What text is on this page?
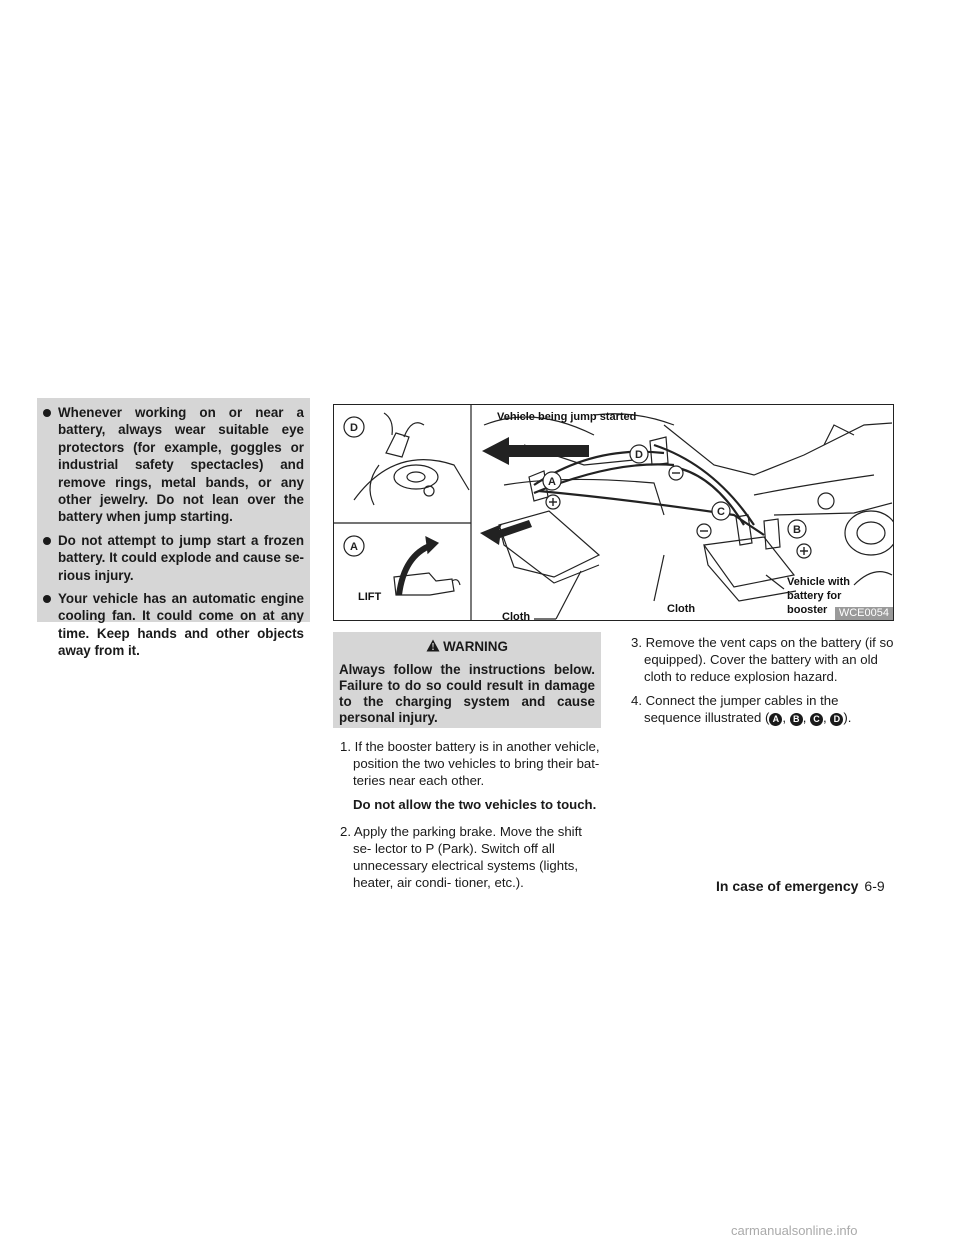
Whenever working on or near a battery, always wear suitable eye protectors (for example, goggles or industrial safety spectacles) and remove rings, metal bands, or any other jewelry. Do not lean over the battery when jump starting.
Do not attempt to jump start a frozen battery. It could explode and cause se- rious injury.
Your vehicle has an automatic engine cooling fan. It could come on at any time. Keep hands and other objects away from it.
D
A
A
D
C
B
LIFT
Vehicle being jump started
Cloth
Cloth
Vehicle with
battery for
booster	WCE0054
WARNING
Always follow the instructions below. Failure to do so could result in damage to the charging system and cause personal injury.
1. If the booster battery is in another vehicle, position the two vehicles to bring their bat- teries near each other.
Do not allow the two vehicles to touch.
2. Apply the parking brake. Move the shift se- lector to P (Park). Switch off all unnecessary electrical systems (lights, heater, air condi- tioner, etc.).
3. Remove the vent caps on the battery (if so equipped). Cover the battery with an old cloth to reduce explosion hazard.
4. Connect the jumper cables in the sequence illustrated ( A , B , C , D ).
In case of emergency 6-9
carmanualsonline.info
